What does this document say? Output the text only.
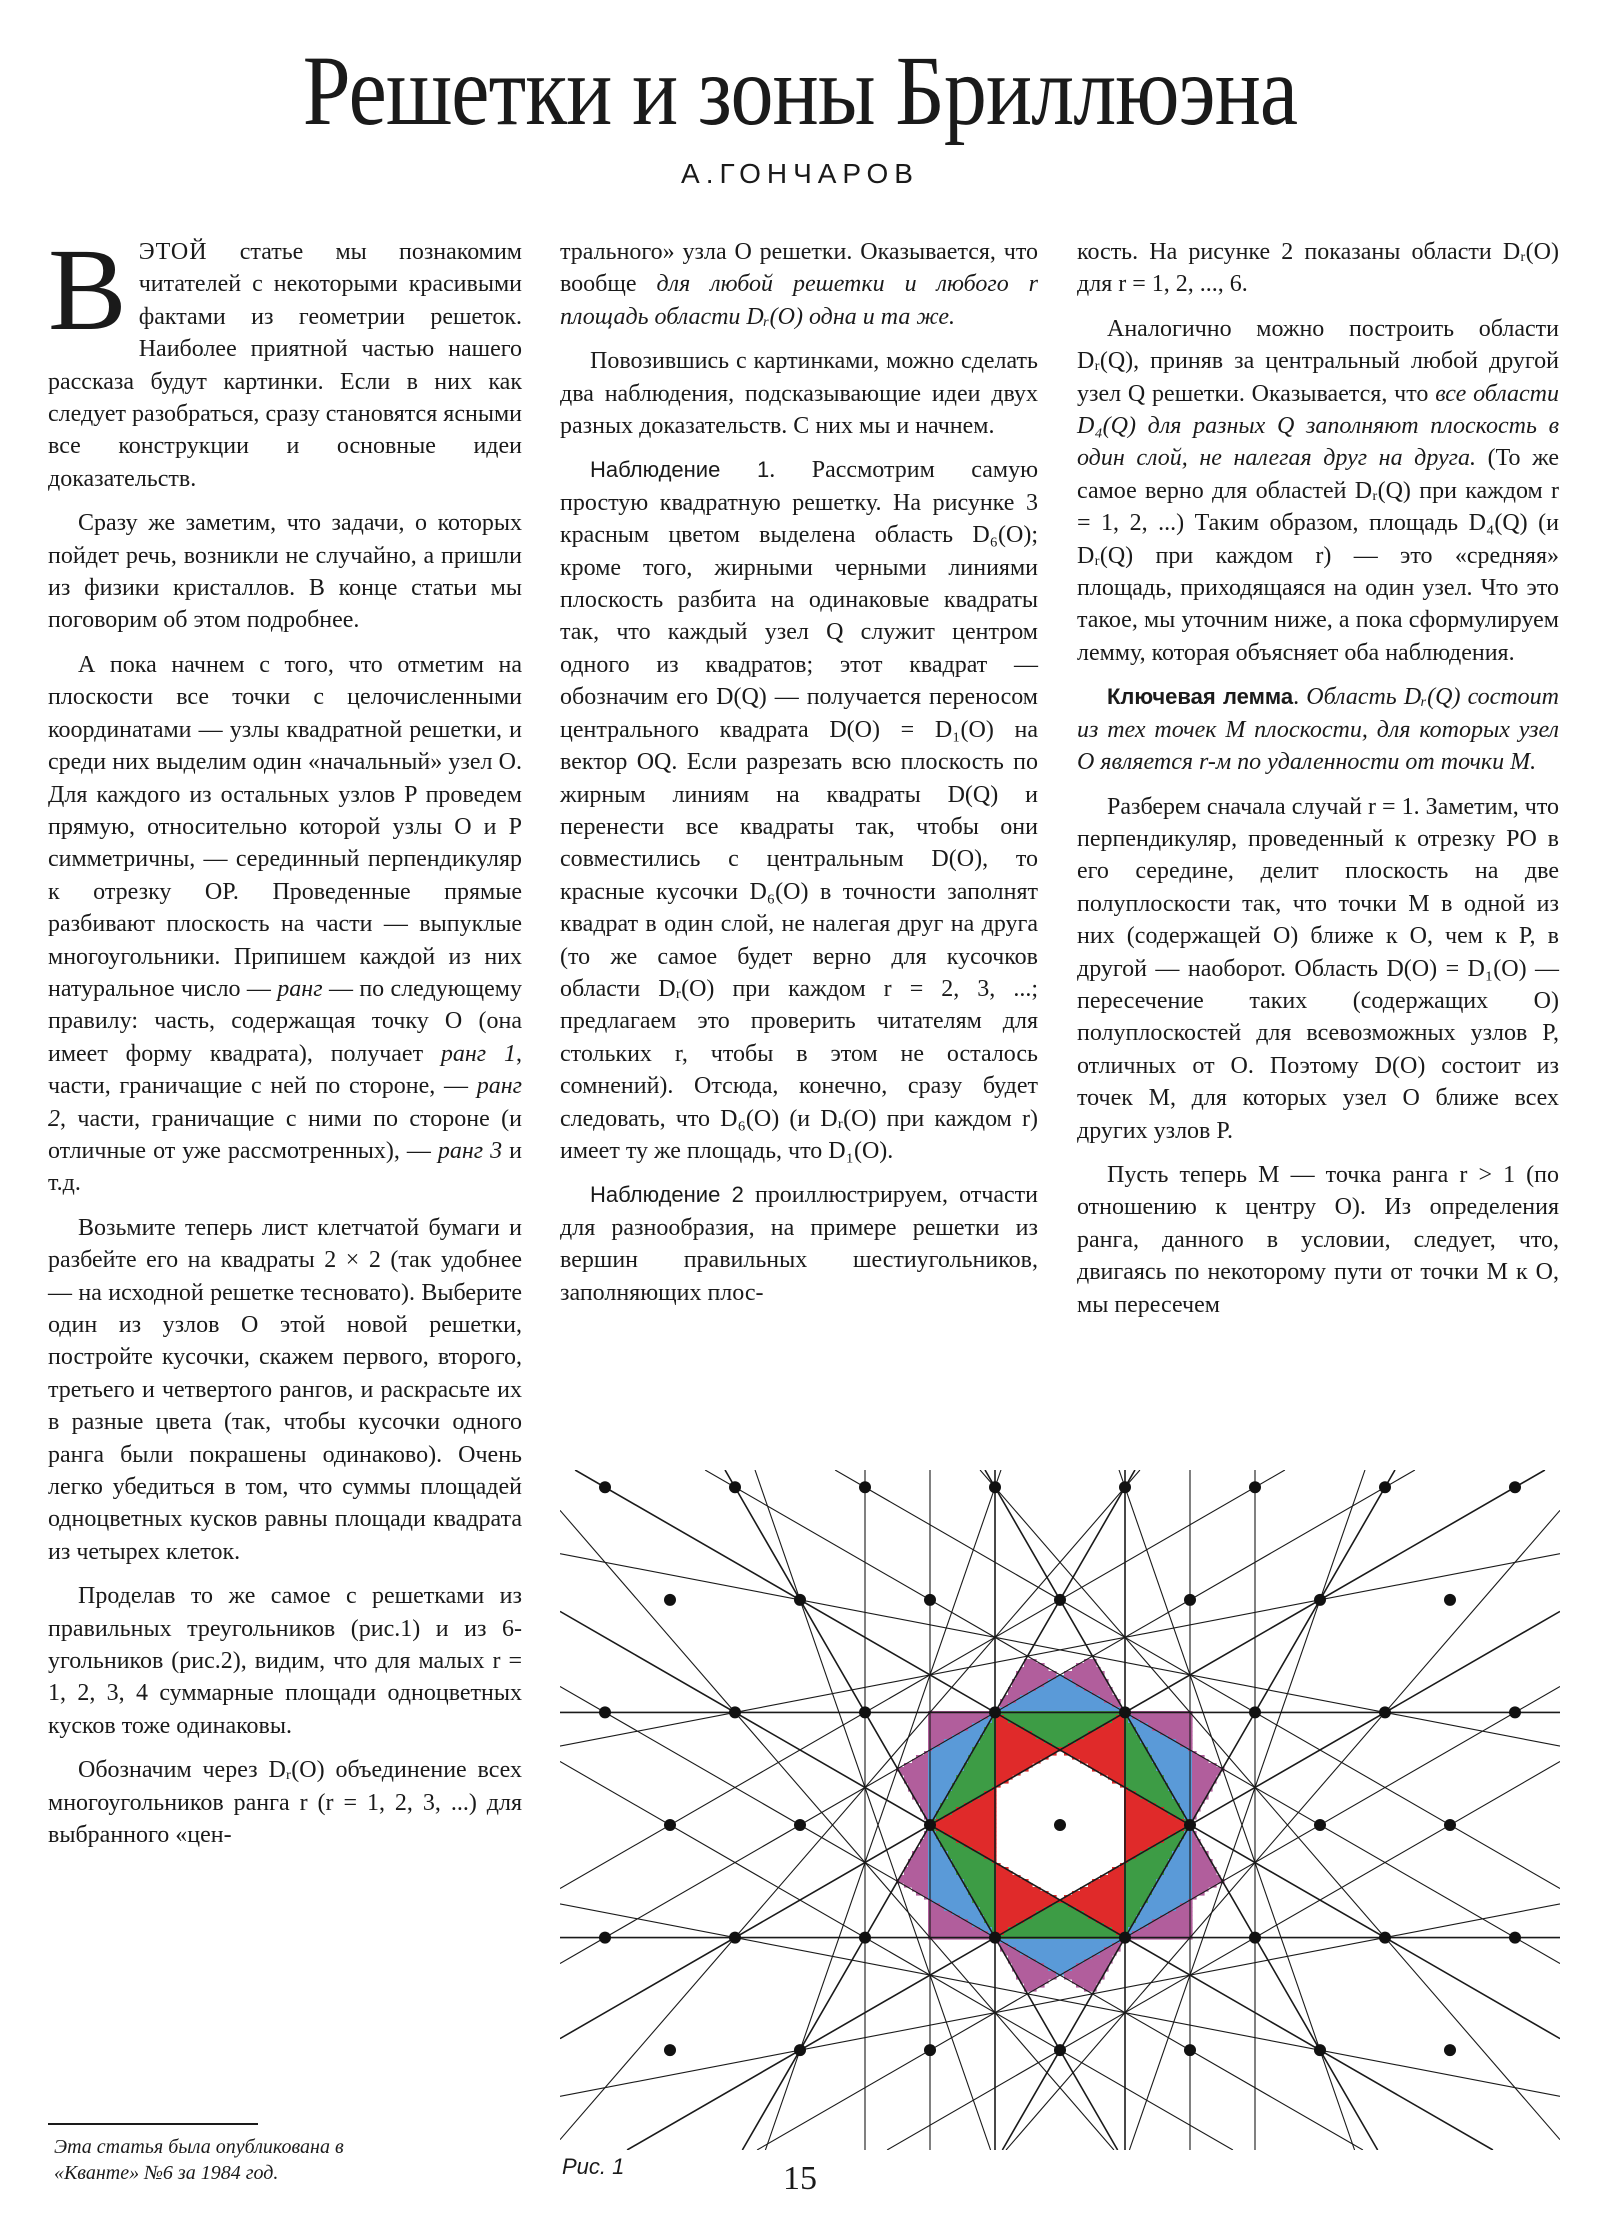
Решетки и зоны Бриллюэна
А.ГОНЧАРОВ

ВЭТОЙ статье мы познакомим читателей с некоторыми красивыми фактами из геометрии решеток. Наиболее приятной частью нашего рассказа будут картинки. Если в них как следует разобраться, сразу становятся ясными все конструкции и основные идеи доказательств.

Сразу же заметим, что задачи, о которых пойдет речь, возникли не случайно, а пришли из физики кристаллов. В конце статьи мы поговорим об этом подробнее.

А пока начнем с того, что отметим на плоскости все точки с целочисленными координатами — узлы квадратной решетки, и среди них выделим один «начальный» узел O. Для каждого из остальных узлов P проведем прямую, относительно которой узлы O и P симметричны, — серединный перпендикуляр к отрезку OP. Проведенные прямые разбивают плоскость на части — выпуклые многоугольники. Припишем каждой из них натуральное число — ранг — по следующему правилу: часть, содержащая точку O (она имеет форму квадрата), получает ранг 1, части, граничащие с ней по стороне, — ранг 2, части, граничащие с ними по стороне (и отличные от уже рассмотренных), — ранг 3 и т.д.

Возьмите теперь лист клетчатой бумаги и разбейте его на квадраты 2 × 2 (так удобнее — на исходной решетке тесновато). Выберите один из узлов O этой новой решетки, постройте кусочки, скажем первого, второго, третьего и четвертого рангов, и раскрасьте их в разные цвета (так, чтобы кусочки одного ранга были покрашены одинаково). Очень легко убедиться в том, что суммы площадей одноцветных кусков равны площади квадрата из четырех клеток.

Проделав то же самое с решетками из правильных треугольников (рис.1) и из 6-угольников (рис.2), видим, что для малых r = 1, 2, 3, 4 суммарные площади одноцветных кусков тоже одинаковы.

Обозначим через Dᵣ(O) объединение всех многоугольников ранга r (r = 1, 2, 3, ...) для выбранного «цен-

трального» узла O решетки. Оказывается, что вообще для любой решетки и любого r площадь области Dᵣ(O) одна и та же.

Повозившись с картинками, можно сделать два наблюдения, подсказывающие идеи двух разных доказательств. С них мы и начнем.

Наблюдение 1. Рассмотрим самую простую квадратную решетку. На рисунке 3 красным цветом выделена область D₆(O); кроме того, жирными черными линиями плоскость разбита на одинаковые квадраты так, что каждый узел Q служит центром одного из квадратов; этот квадрат — обозначим его D(Q) — получается переносом центрального квадрата D(O) = D₁(O) на вектор OQ. Если разрезать всю плоскость по жирным линиям на квадраты D(Q) и перенести все квадраты так, чтобы они совместились с центральным D(O), то красные кусочки D₆(O) в точности заполнят квадрат в один слой, не налегая друг на друга (то же самое будет верно для кусочков области Dᵣ(O) при каждом r = 2, 3, ...; предлагаем это проверить читателям для стольких r, чтобы в этом не осталось сомнений). Отсюда, конечно, сразу будет следовать, что D₆(O) (и Dᵣ(O) при каждом r) имеет ту же площадь, что D₁(O).

Наблюдение 2 проиллюстрируем, отчасти для разнообразия, на примере решетки из вершин правильных шестиугольников, заполняющих плос-

кость. На рисунке 2 показаны области Dᵣ(O) для r = 1, 2, ..., 6.

Аналогично можно построить области Dᵣ(Q), приняв за центральный любой другой узел Q решетки. Оказывается, что все области D₄(Q) для разных Q заполняют плоскость в один слой, не налегая друг на друга. (То же самое верно для областей Dᵣ(Q) при каждом r = 1, 2, ...) Таким образом, площадь D₄(Q) (и Dᵣ(Q) при каждом r) — это «средняя» площадь, приходящаяся на один узел. Что это такое, мы уточним ниже, а пока сформулируем лемму, которая объясняет оба наблюдения.

Ключевая лемма. Область Dᵣ(Q) состоит из тех точек M плоскости, для которых узел O является r-м по удаленности от точки M.

Разберем сначала случай r = 1. Заметим, что перпендикуляр, проведенный к отрезку PO в его середине, делит плоскость на две полуплоскости так, что точки M в одной из них (содержащей O) ближе к O, чем к P, в другой — наоборот. Область D(O) = D₁(O) — пересечение таких (содержащих O) полуплоскостей для всевозможных узлов P, отличных от O. Поэтому D(O) состоит из точек M, для которых узел O ближе всех других узлов P.

Пусть теперь M — точка ранга r > 1 (по отношению к центру O). Из определения ранга, данного в условии, следует, что, двигаясь по некоторому пути от точки M к O, мы пересечем

Рис. 1
Эта статья была опубликована в
«Кванте» №6 за 1984 год.	15
